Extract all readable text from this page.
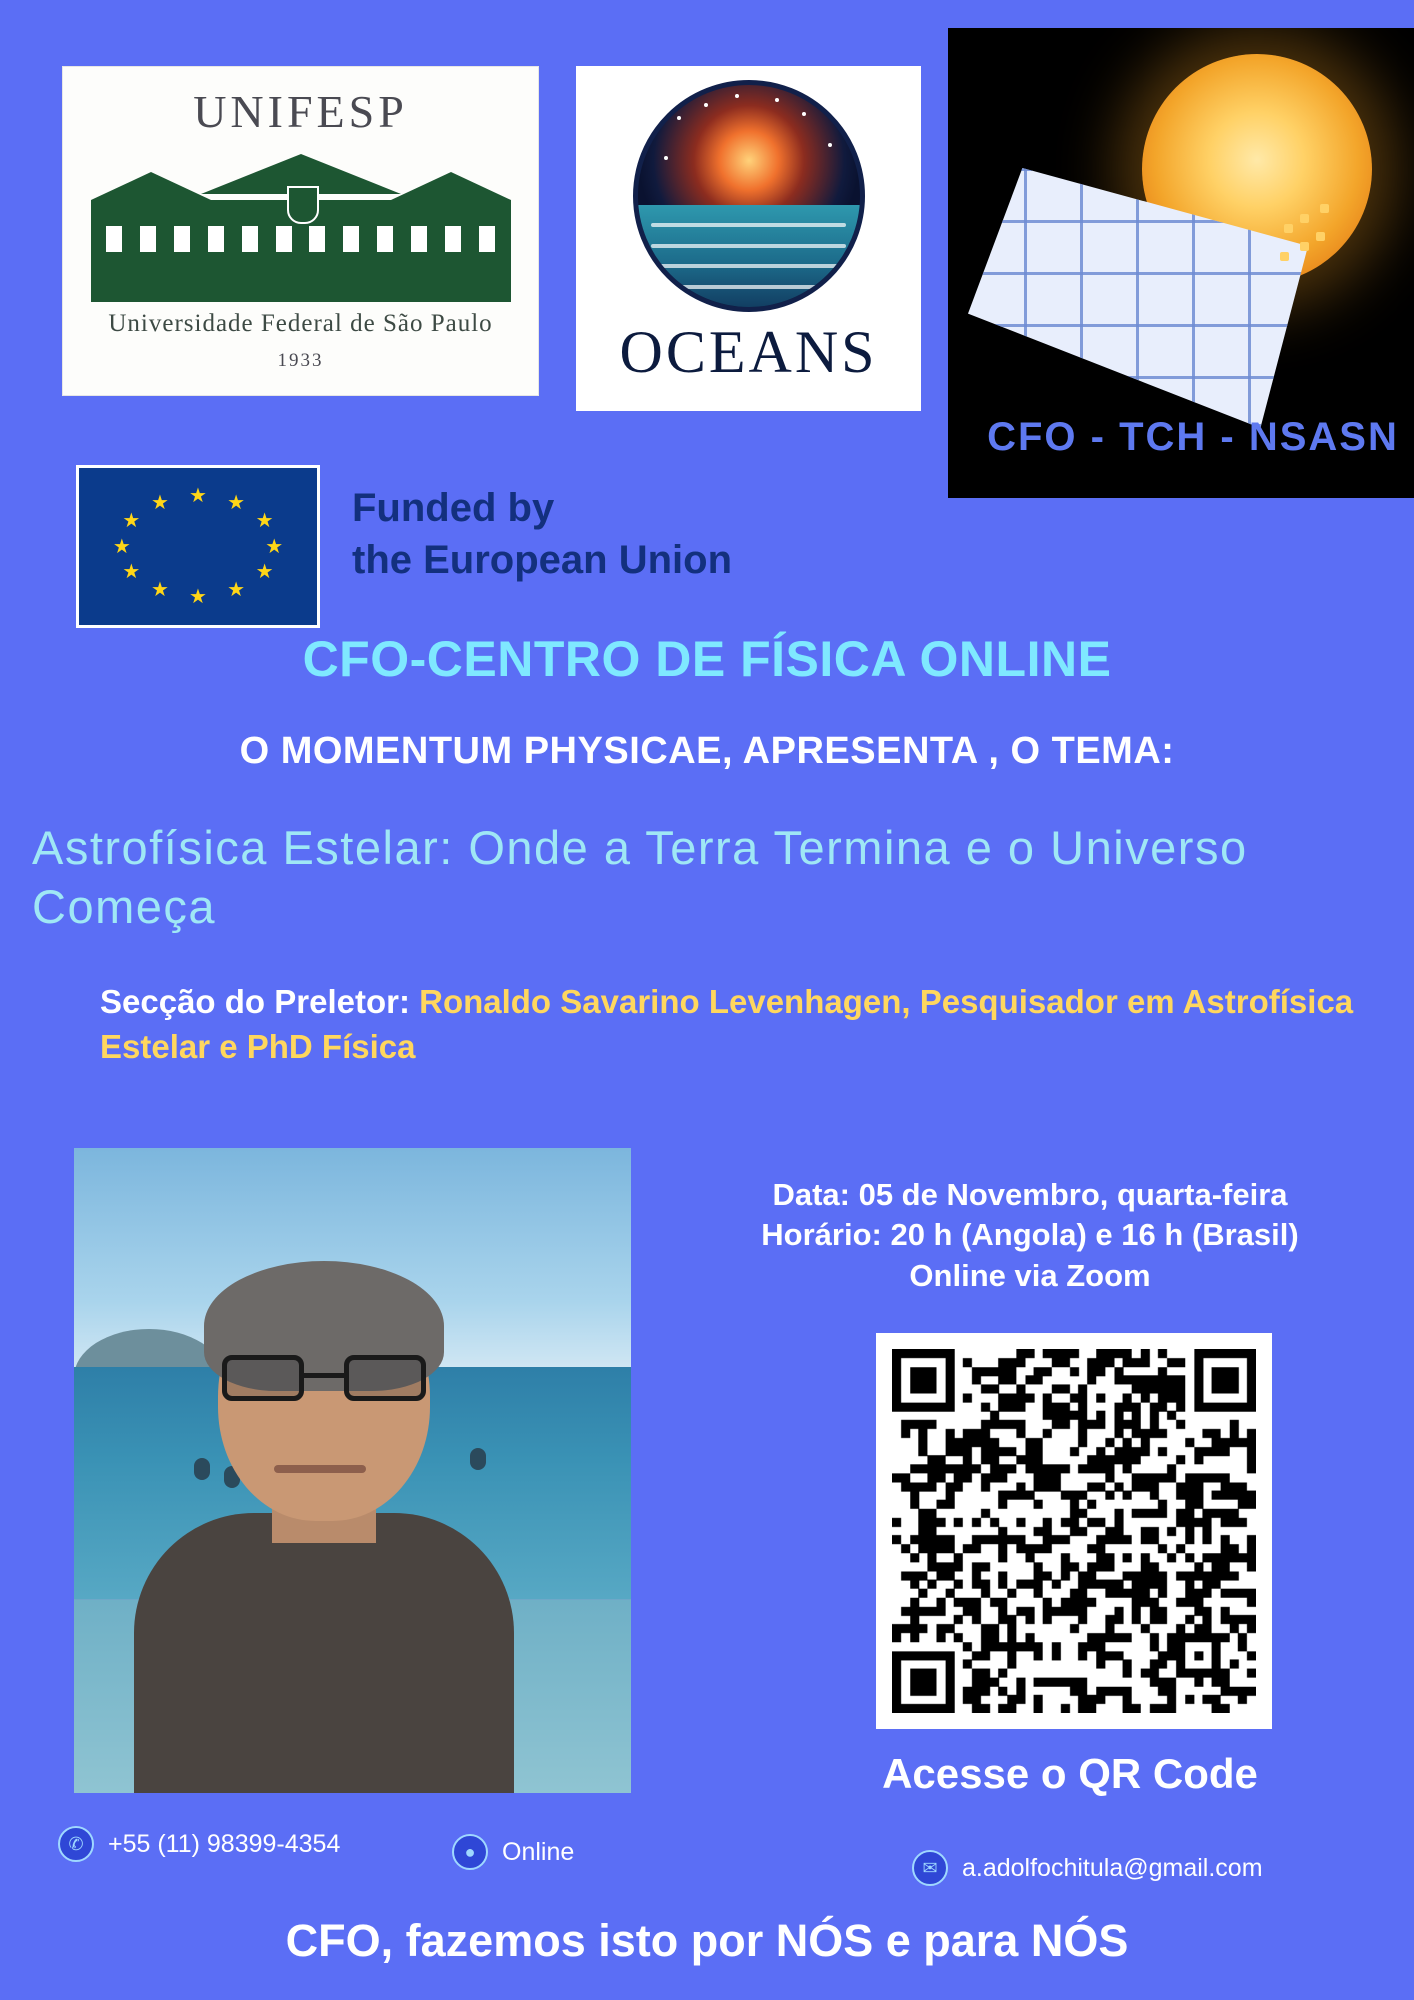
UNIFESP
Universidade Federal de São Paulo
1933	OCEANS
CFO - TCH - NSASN
★ ★
★
★
★
★
★
★
★
★
★
★	Funded by
the European Union
CFO-CENTRO DE FÍSICA ONLINE
O MOMENTUM PHYSICAE, APRESENTA , O TEMA:
Astrofísica Estelar: Onde a Terra Termina e o Universo Começa
Secção do Preletor: Ronaldo Savarino Levenhagen, Pesquisador em Astrofísica Estelar e PhD Física
Data: 05 de Novembro, quarta-feira
Horário: 20 h (Angola) e 16 h (Brasil)
Online via Zoom
Acesse o QR Code
✆ +55 (11) 98399-4354	●	Online
✉ a.adolfochitula@gmail.com
CFO, fazemos isto por NÓS e para NÓS
